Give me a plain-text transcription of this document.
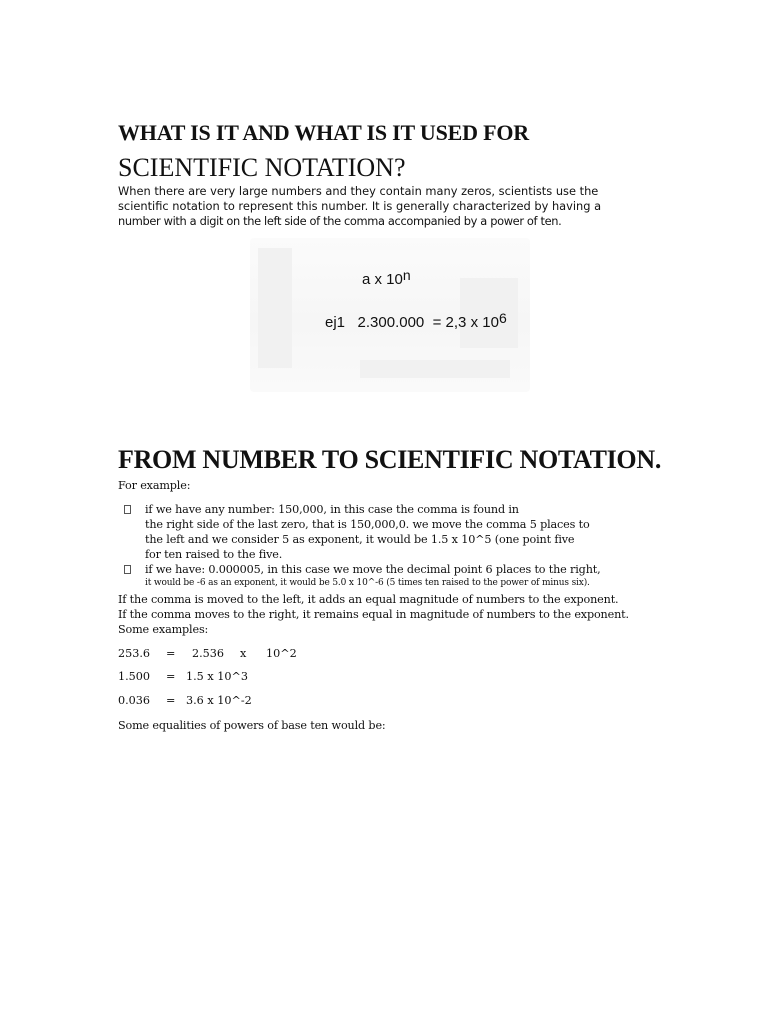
WHAT IS IT AND WHAT IS IT USED FOR
SCIENTIFIC NOTATION?
When there are very large numbers and they contain many zeros, scientists use the
scientific notation to represent this number. It is generally characterized by having a
number with a digit on the left side of the comma accompanied by a power of ten.
a x 10$^n$
ej1 2.300.000 = 2,3 x $10^6$
FROM NUMBER TO SCIENTIFIC NOTATION.
For example:
if we have any number: 150,000, in this case the comma is found in
the right side of the last zero, that is 150,000,0. we move the comma 5 places to
the left and we consider 5 as exponent, it would be 1.5 x 10^5 (one point five
for ten raised to the five.
if we have: 0.000005, in this case we move the decimal point 6 places to the right,
it would be -6 as an exponent, it would be 5.0 x 10^-6 (5 times ten raised to the power of minus six).
If the comma is moved to the left, it adds an equal magnitude of numbers to the exponent.
If the comma moves to the right, it remains equal in magnitude of numbers to the exponent.
Some examples:
253.6 = 2.536 x 10^2
1.500 = 1.5 x 10^3
0.036 = 3.6 x 10^-2
Some equalities of powers of base ten would be:
